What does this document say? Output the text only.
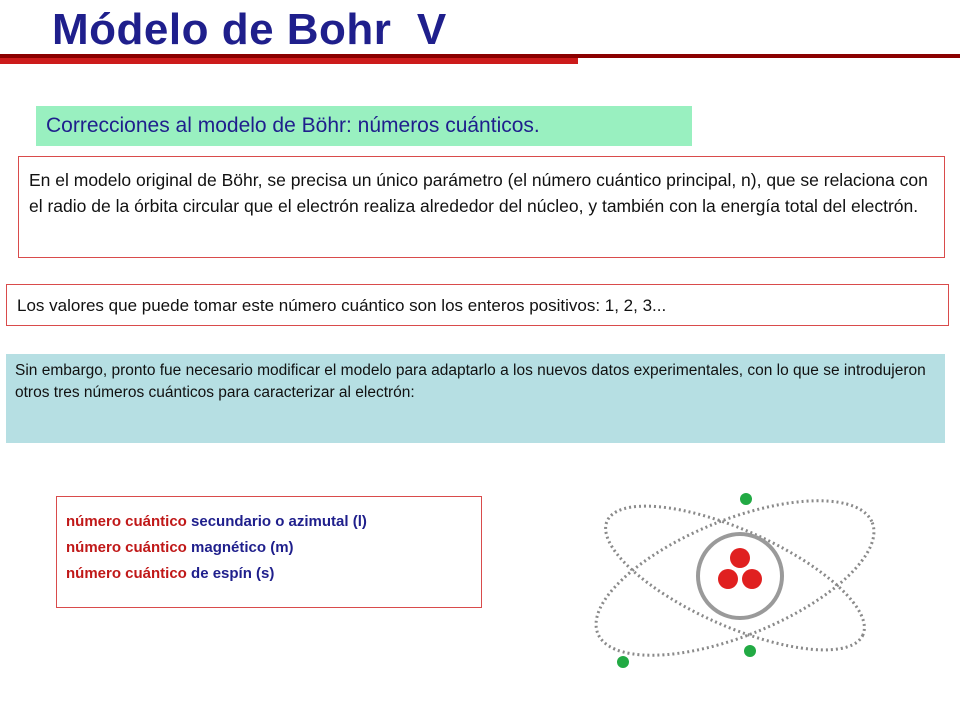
Módelo de Bohr  V
Correcciones al modelo de Böhr: números cuánticos.
En el modelo original de Böhr, se precisa un único parámetro (el número cuántico principal, n), que se relaciona con el radio de la órbita circular que el electrón realiza alrededor del núcleo, y también con la energía total del electrón.
Los valores que puede tomar este número cuántico son los enteros positivos: 1, 2, 3...
Sin embargo, pronto fue necesario modificar el modelo para adaptarlo a los nuevos datos experimentales, con lo que se introdujeron otros tres números cuánticos para caracterizar al electrón:
número cuántico secundario o azimutal (l)
número cuántico magnético (m)
número cuántico de espín (s)
